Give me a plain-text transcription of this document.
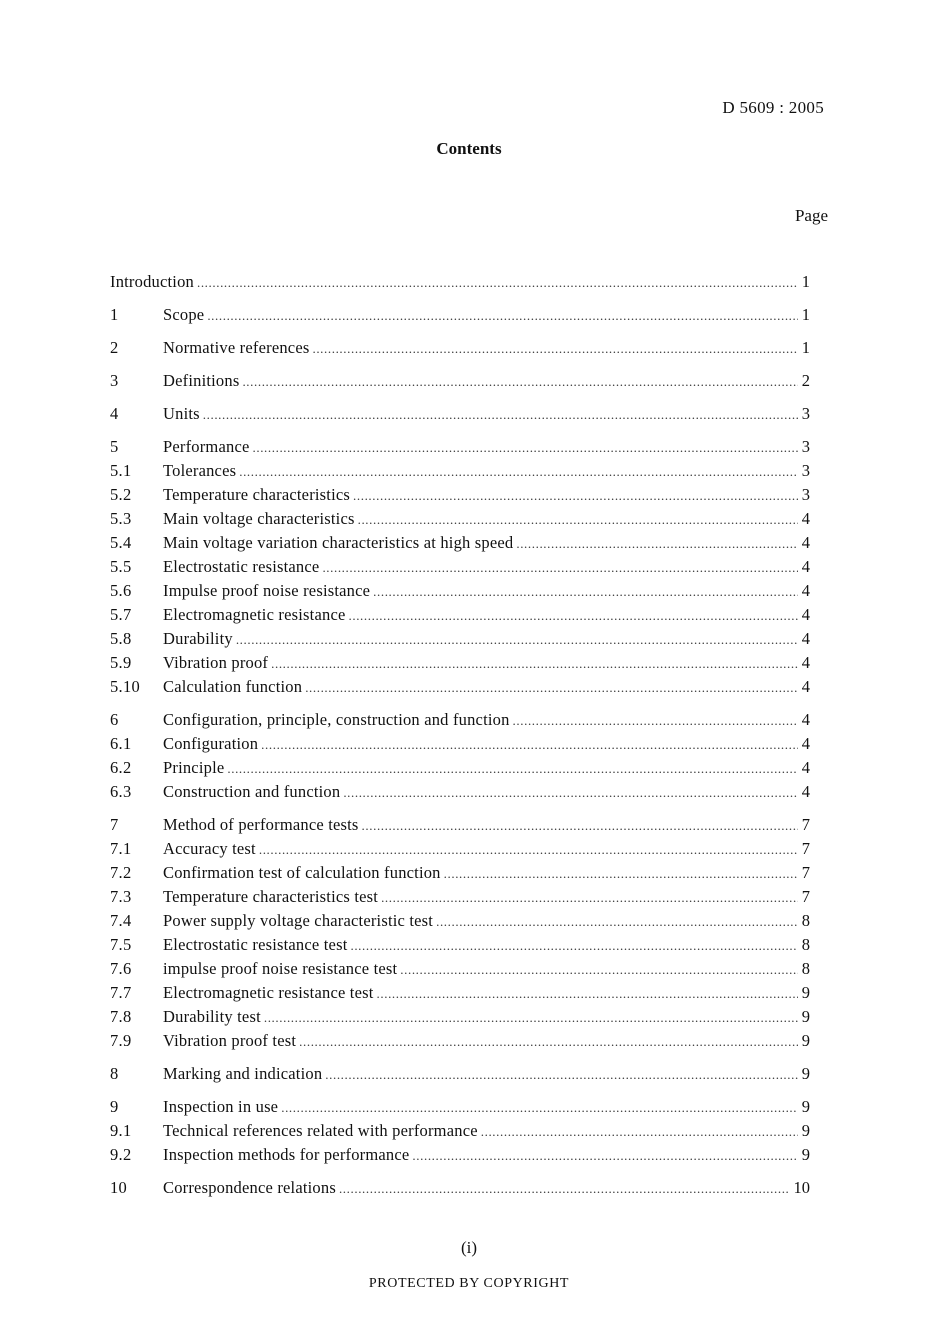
D 5609 : 2005
Contents
Page
Introduction .....	1
1	Scope .....	1
2	Normative references .....	1
3	Definitions .....	2
4	Units .....	3
5	Performance .....	3
5.1	Tolerances .....	3
5.2	Temperature characteristics .....	3
5.3	Main voltage characteristics .....	4
5.4	Main voltage variation characteristics at high speed .....	4
5.5	Electrostatic resistance .....	4
5.6	Impulse proof noise resistance .....	4
5.7	Electromagnetic resistance .....	4
5.8	Durability .....	4
5.9	Vibration proof .....	4
5.10	Calculation function .....	4
6	Configuration, principle, construction and function .....	4
6.1	Configuration .....	4
6.2	Principle .....	4
6.3	Construction and function .....	4
7	Method of performance tests .....	7
7.1	Accuracy test .....	7
7.2	Confirmation test of calculation function .....	7
7.3	Temperature characteristics test .....	7
7.4	Power supply voltage characteristic test .....	8
7.5	Electrostatic resistance test .....	8
7.6	impulse proof noise resistance test .....	8
7.7	Electromagnetic resistance test .....	9
7.8	Durability test .....	9
7.9	Vibration proof test .....	9
8	Marking and indication .....	9
9	Inspection in use .....	9
9.1	Technical references related with performance .....	9
9.2	Inspection methods for performance .....	9
10	Correspondence relations .....	10
(i)
PROTECTED BY COPYRIGHT
